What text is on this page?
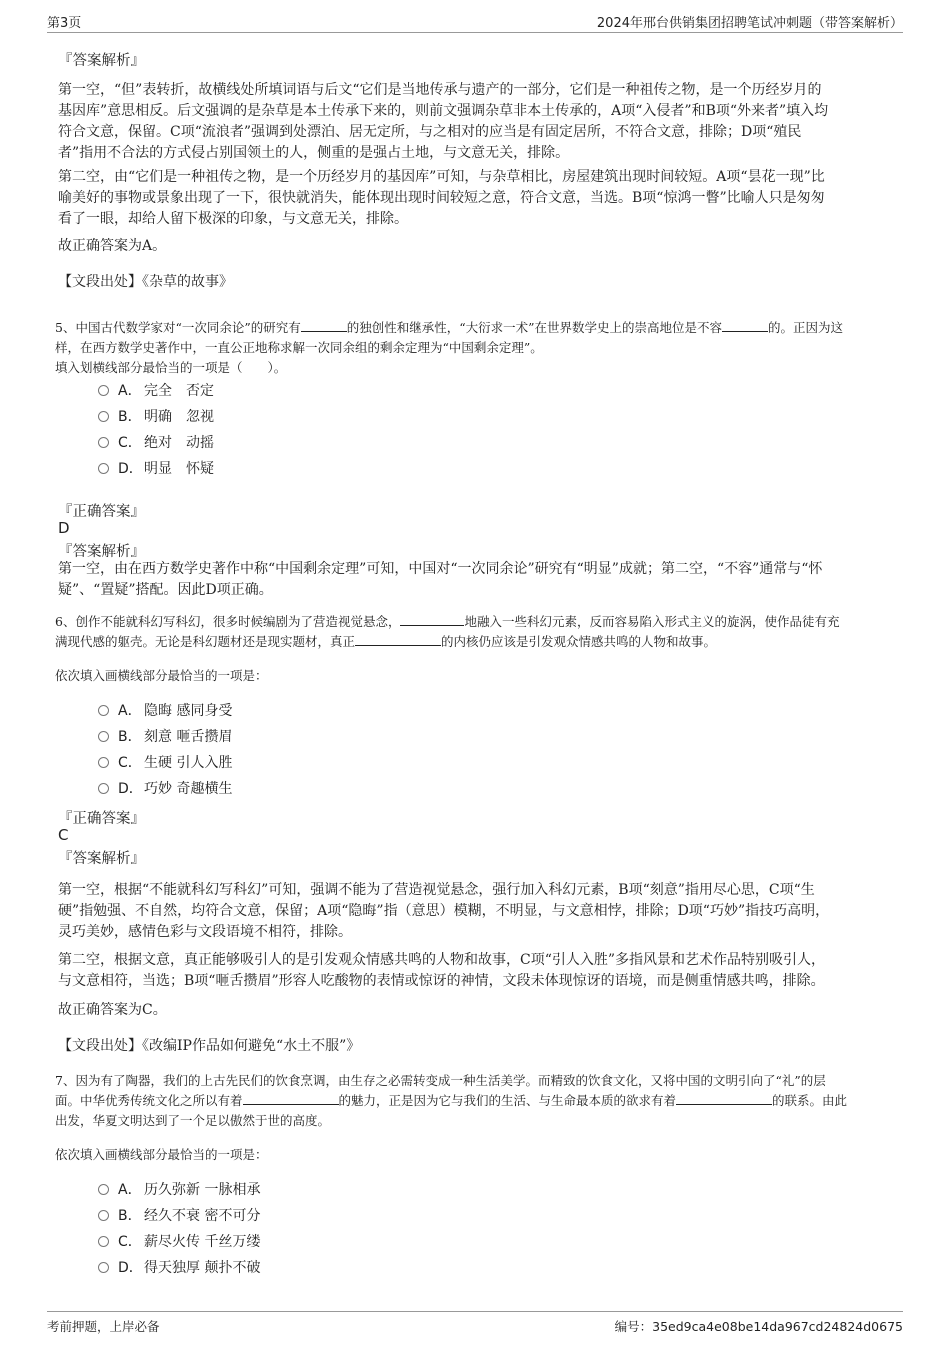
第3页	2024年邢台供销集团招聘笔试冲刺题（带答案解析）
『答案解析』
第一空，“但”表转折，故横线处所填词语与后文“它们是当地传承与遗产的一部分，它们是一种祖传之物，是一个历经岁月的
基因库”意思相反。后文强调的是杂草是本土传承下来的，则前文强调杂草非本土传承的，A项“入侵者”和B项“外来者”填入均
符合文意，保留。C项“流浪者”强调到处漂泊、居无定所，与之相对的应当是有固定居所，不符合文意，排除；D项“殖民
者”指用不合法的方式侵占别国领土的人，侧重的是强占土地，与文意无关，排除。
第二空，由“它们是一种祖传之物，是一个历经岁月的基因库”可知，与杂草相比，房屋建筑出现时间较短。A项“昙花一现”比
喻美好的事物或景象出现了一下，很快就消失，能体现出现时间较短之意，符合文意，当选。B项“惊鸿一瞥”比喻人只是匆匆
看了一眼，却给人留下极深的印象，与文意无关，排除。
故正确答案为A。
【文段出处】《杂草的故事》
5、中国古代数学家对“一次同余论”的研究有	的独创性和继承性，“大衍求一术”在世界数学史上的崇高地位是不容	的。正因为这
样，在西方数学史著作中，一直公正地称求解一次同余组的剩余定理为“中国剩余定理”。
填入划横线部分最恰当的一项是（　　）。
A． 完全　否定
B． 明确　忽视
C． 绝对　动摇
D．明显　怀疑
『正确答案』
D
『答案解析』
第一空，由在西方数学史著作中称“中国剩余定理”可知，中国对“一次同余论”研究有“明显”成就；第二空，“不容”通常与“怀
疑”、“置疑”搭配。因此D项正确。
6、创作不能就科幻写科幻，很多时候编剧为了营造视觉悬念，	地融入一些科幻元素，反而容易陷入形式主义的旋涡，使作品徒有充
满现代感的躯壳。无论是科幻题材还是现实题材，真正	的内核仍应该是引发观众情感共鸣的人物和故事。
依次填入画横线部分最恰当的一项是：
A． 隐晦 感同身受
B． 刻意 咂舌攒眉
C． 生硬 引人入胜
D．巧妙 奇趣横生
『正确答案』
C
『答案解析』
第一空，根据“不能就科幻写科幻”可知，强调不能为了营造视觉悬念，强行加入科幻元素，B项“刻意”指用尽心思，C项“生
硬”指勉强、不自然，均符合文意，保留；A项“隐晦”指（意思）模糊，不明显，与文意相悖，排除；D项“巧妙”指技巧高明，
灵巧美妙，感情色彩与文段语境不相符，排除。
第二空，根据文意，真正能够吸引人的是引发观众情感共鸣的人物和故事，C项“引人入胜”多指风景和艺术作品特别吸引人，
与文意相符，当选；B项“咂舌攒眉”形容人吃酸物的表情或惊讶的神情，文段未体现惊讶的语境，而是侧重情感共鸣，排除。
故正确答案为C。
【文段出处】《改编IP作品如何避免“水土不服”》
7、因为有了陶器，我们的上古先民们的饮食烹调，由生存之必需转变成一种生活美学。而精致的饮食文化，又将中国的文明引向了“礼”的层
面。中华优秀传统文化之所以有着	的魅力，正是因为它与我们的生活、与生命最本质的欲求有着	的联系。由此
出发，华夏文明达到了一个足以傲然于世的高度。
依次填入画横线部分最恰当的一项是：
A． 历久弥新 一脉相承
B． 经久不衰 密不可分
C． 薪尽火传 千丝万缕
D．得天独厚 颠扑不破
考前押题，上岸必备	编号：35ed9ca4e08be14da967cd24824d0675
